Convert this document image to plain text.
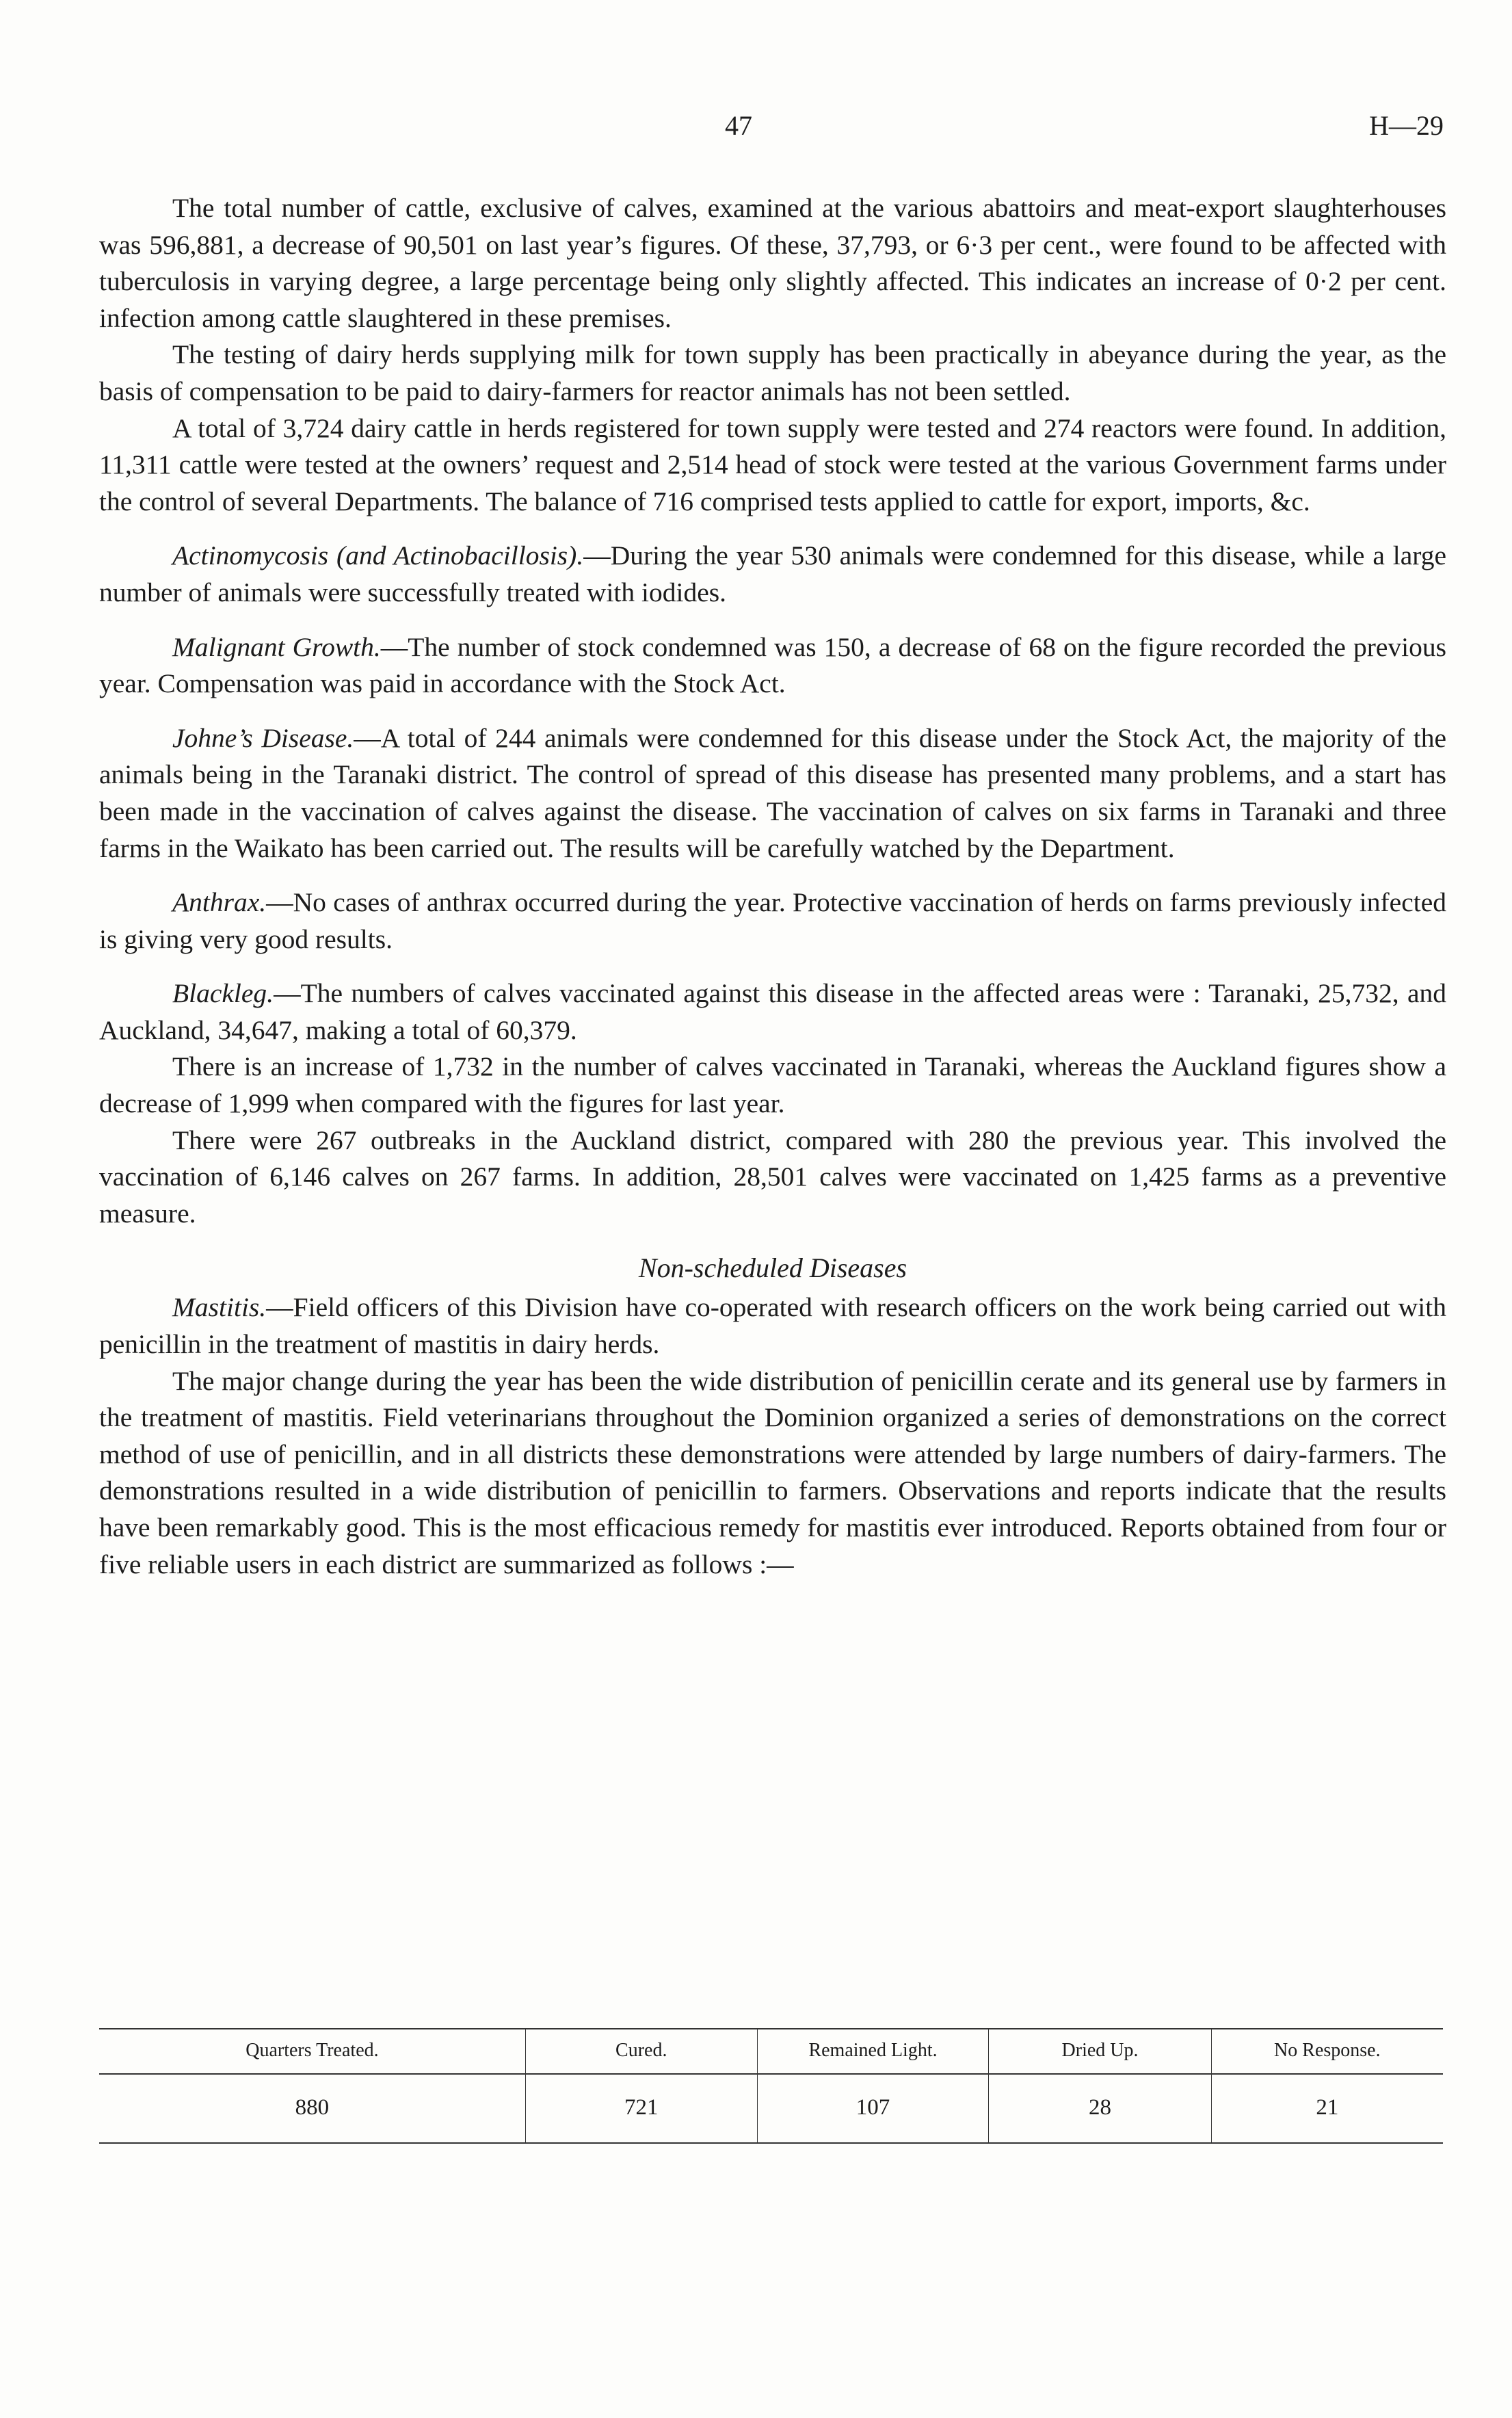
47	H—29

The total number of cattle, exclusive of calves, examined at the various abattoirs and meat-export slaughterhouses was 596,881, a decrease of 90,501 on last year’s figures. Of these, 37,793, or 6·3 per cent., were found to be affected with tuberculosis in varying degree, a large percentage being only slightly affected. This indicates an increase of 0·2 per cent. infection among cattle slaughtered in these premises.

The testing of dairy herds supplying milk for town supply has been practically in abeyance during the year, as the basis of compensation to be paid to dairy-farmers for reactor animals has not been settled.

A total of 3,724 dairy cattle in herds registered for town supply were tested and 274 reactors were found. In addition, 11,311 cattle were tested at the owners’ request and 2,514 head of stock were tested at the various Government farms under the control of several Departments. The balance of 716 comprised tests applied to cattle for export, imports, &c.

Actinomycosis (and Actinobacillosis).—During the year 530 animals were condemned for this disease, while a large number of animals were successfully treated with iodides.

Malignant Growth.—The number of stock condemned was 150, a decrease of 68 on the figure recorded the previous year. Compensation was paid in accordance with the Stock Act.

Johne’s Disease.—A total of 244 animals were condemned for this disease under the Stock Act, the majority of the animals being in the Taranaki district. The control of spread of this disease has presented many problems, and a start has been made in the vaccination of calves against the disease. The vaccination of calves on six farms in Taranaki and three farms in the Waikato has been carried out. The results will be carefully watched by the Department.

Anthrax.—No cases of anthrax occurred during the year. Protective vaccination of herds on farms previously infected is giving very good results.

Blackleg.—The numbers of calves vaccinated against this disease in the affected areas were : Taranaki, 25,732, and Auckland, 34,647, making a total of 60,379.

There is an increase of 1,732 in the number of calves vaccinated in Taranaki, whereas the Auckland figures show a decrease of 1,999 when compared with the figures for last year.

There were 267 outbreaks in the Auckland district, compared with 280 the previous year. This involved the vaccination of 6,146 calves on 267 farms. In addition, 28,501 calves were vaccinated on 1,425 farms as a preventive measure.

Non-scheduled Diseases

Mastitis.—Field officers of this Division have co-operated with research officers on the work being carried out with penicillin in the treatment of mastitis in dairy herds.

The major change during the year has been the wide distribution of penicillin cerate and its general use by farmers in the treatment of mastitis. Field veterinarians throughout the Dominion organized a series of demonstrations on the correct method of use of penicillin, and in all districts these demonstrations were attended by large numbers of dairy-farmers. The demonstrations resulted in a wide distribution of penicillin to farmers. Observations and reports indicate that the results have been remarkably good. This is the most efficacious remedy for mastitis ever introduced. Reports obtained from four or five reliable users in each district are summarized as follows :—

Quarters Treated.	Cured.	Remained Light.	Dried Up.	No Response.
880	721	107	28	21
